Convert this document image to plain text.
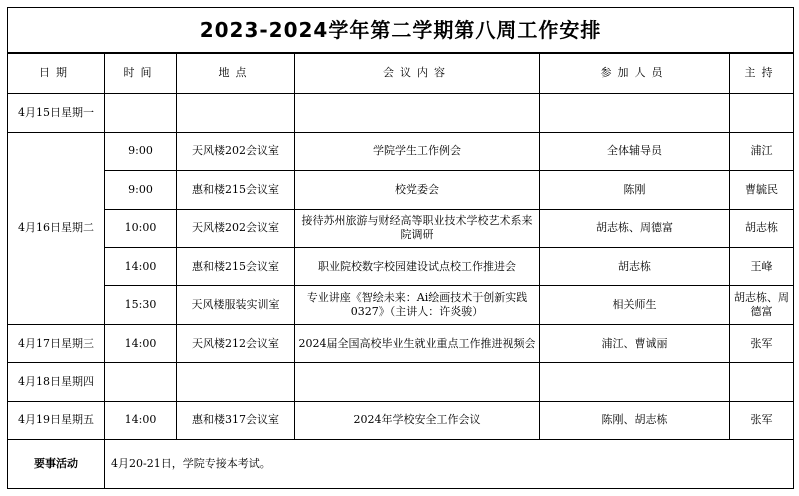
2023-2024学年第二学期第八周工作安排					
日期	时间	地点	会议内容	参加人员	主持
4月15日星期一					
4月16日星期二	9:00	天风楼202会议室	学院学生工作例会	全体辅导员	浦江
	9:00	惠和楼215会议室	校党委会	陈刚	曹毓民
	10:00	天风楼202会议室	接待苏州旅游与财经高等职业技术学校艺术系来院调研	胡志栋、周德富	胡志栋
	14:00	惠和楼215会议室	职业院校数字校园建设试点校工作推进会	胡志栋	王峰
	15:30	天风楼服装实训室	专业讲座《智绘未来：Ai绘画技术于创新实践0327》（主讲人：许炎骏）	相关师生	胡志栋、周德富
4月17日星期三	14:00	天风楼212会议室	2024届全国高校毕业生就业重点工作推进视频会	浦江、曹诚丽	张军
4月18日星期四					
4月19日星期五	14:00	惠和楼317会议室	2024年学校安全工作会议	陈刚、胡志栋	张军
要事活动	4月20-21日，学院专接本考试。				
